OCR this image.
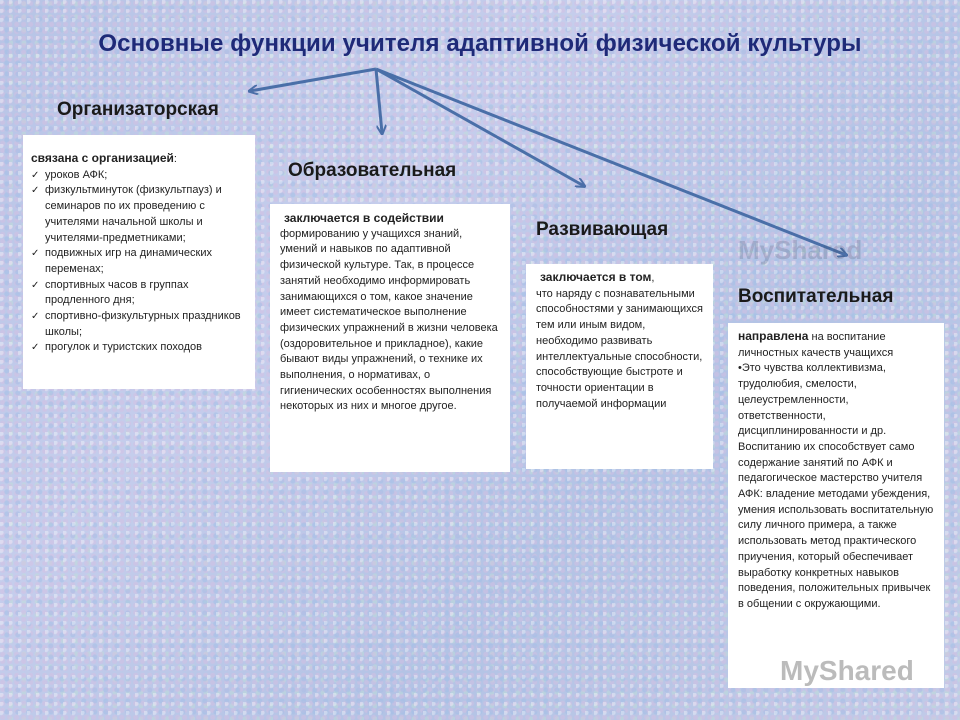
Основные функции учителя адаптивной физической культуры
MyShared
Организаторская
связана с организацией:
✓ уроков АФК;
✓ физкультминуток (физкультпауз) и семинаров по их проведению с учителями начальной школы и учителями-предметниками;
✓ подвижных игр на динамических переменах;
✓ спортивных часов в группах продленного дня;
✓ спортивно-физкультурных праздников школы;
✓ прогулок и туристских походов
Образовательная
заключается в содействии
формированию у учащихся знаний, умений и навыков по адаптивной физической культуре. Так, в процессе занятий необходимо информировать занимающихся о том, какое значение имеет систематическое выполнение физических упражнений в жизни человека (оздоровительное и прикладное), какие бывают виды упражнений, о технике их выполнения, о нормативах, о гигиенических особенностях выполнения некоторых из них и многое другое.
Развивающая
заключается в том,
что наряду с познавательными способностями у занимающихся тем или иным видом, необходимо развивать интеллектуальные способности, способствующие быстроте и точности ориентации в получаемой информации
Воспитательная
направлена на воспитание личностных качеств учащихся
•Это чувства коллективизма, трудолюбия, смелости, целеустремленности, ответственности, дисциплинированности и др. Воспитанию их способствует само содержание занятий по АФК и педагогическое мастерство учителя АФК: владение методами убеждения, умения использовать воспитательную силу личного примера, а также использовать метод практического приучения, который обеспечивает выработку конкретных навыков поведения, положительных привычек в общении с окружающими.
MyShared
